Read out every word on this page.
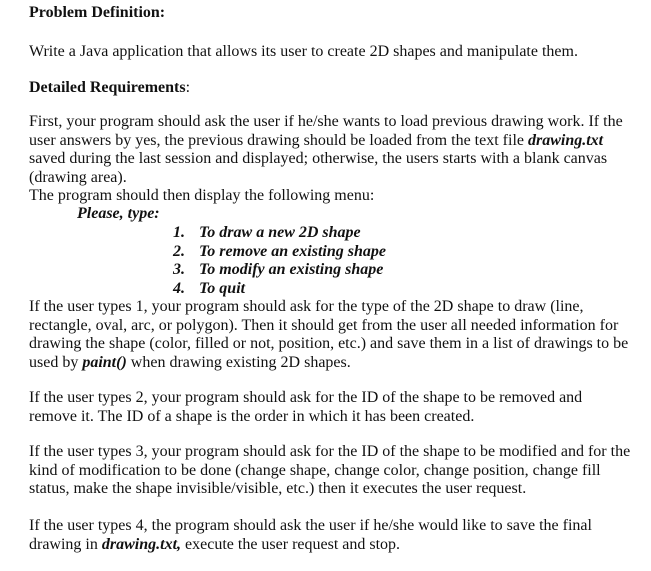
Problem Definition:
Write a Java application that allows its user to create 2D shapes and manipulate them.
Detailed Requirements:
First, your program should ask the user if he/she wants to load previous drawing work. If the
user answers by yes, the previous drawing should be loaded from the text file drawing.txt
saved during the last session and displayed; otherwise, the users starts with a blank canvas
(drawing area).
The program should then display the following menu:
Please, type:
1. To draw a new 2D shape
2. To remove an existing shape
3. To modify an existing shape
4. To quit
If the user types 1, your program should ask for the type of the 2D shape to draw (line,
rectangle, oval, arc, or polygon). Then it should get from the user all needed information for
drawing the shape (color, filled or not, position, etc.) and save them in a list of drawings to be
used by paint() when drawing existing 2D shapes.
If the user types 2, your program should ask for the ID of the shape to be removed and
remove it. The ID of a shape is the order in which it has been created.
If the user types 3, your program should ask for the ID of the shape to be modified and for the
kind of modification to be done (change shape, change color, change position, change fill
status, make the shape invisible/visible, etc.) then it executes the user request.
If the user types 4, the program should ask the user if he/she would like to save the final
drawing in drawing.txt, execute the user request and stop.
